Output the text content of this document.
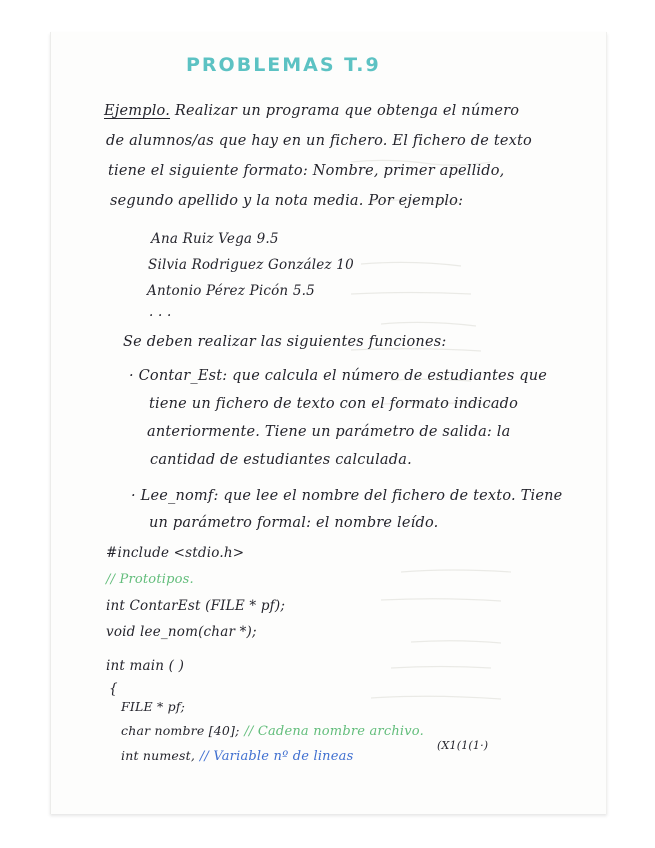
PROBLEMAS T.9
Ejemplo. Realizar un programa que obtenga el número
de alumnos/as que hay en un fichero. El fichero de texto
tiene el siguiente formato: Nombre, primer apellido,
segundo apellido y la nota media. Por ejemplo:
Ana Ruiz Vega 9.5
Silvia Rodriguez González 10
Antonio Pérez Picón 5.5
. . .
Se deben realizar las siguientes funciones:
· Contar_Est: que calcula el número de estudiantes que
tiene un fichero de texto con el formato indicado
anteriormente. Tiene un parámetro de salida: la
cantidad de estudiantes calculada.
· Lee_nomf: que lee el nombre del fichero de texto. Tiene
un parámetro formal: el nombre leído.
#include <stdio.h>
// Prototipos.
int ContarEst (FILE * pf);
void lee_nom(char *);
int main ( )
{
FILE * pf;
char nombre [40]; // Cadena nombre archivo.
(X1(1(1·)
int numest, // Variable nº de lineas
